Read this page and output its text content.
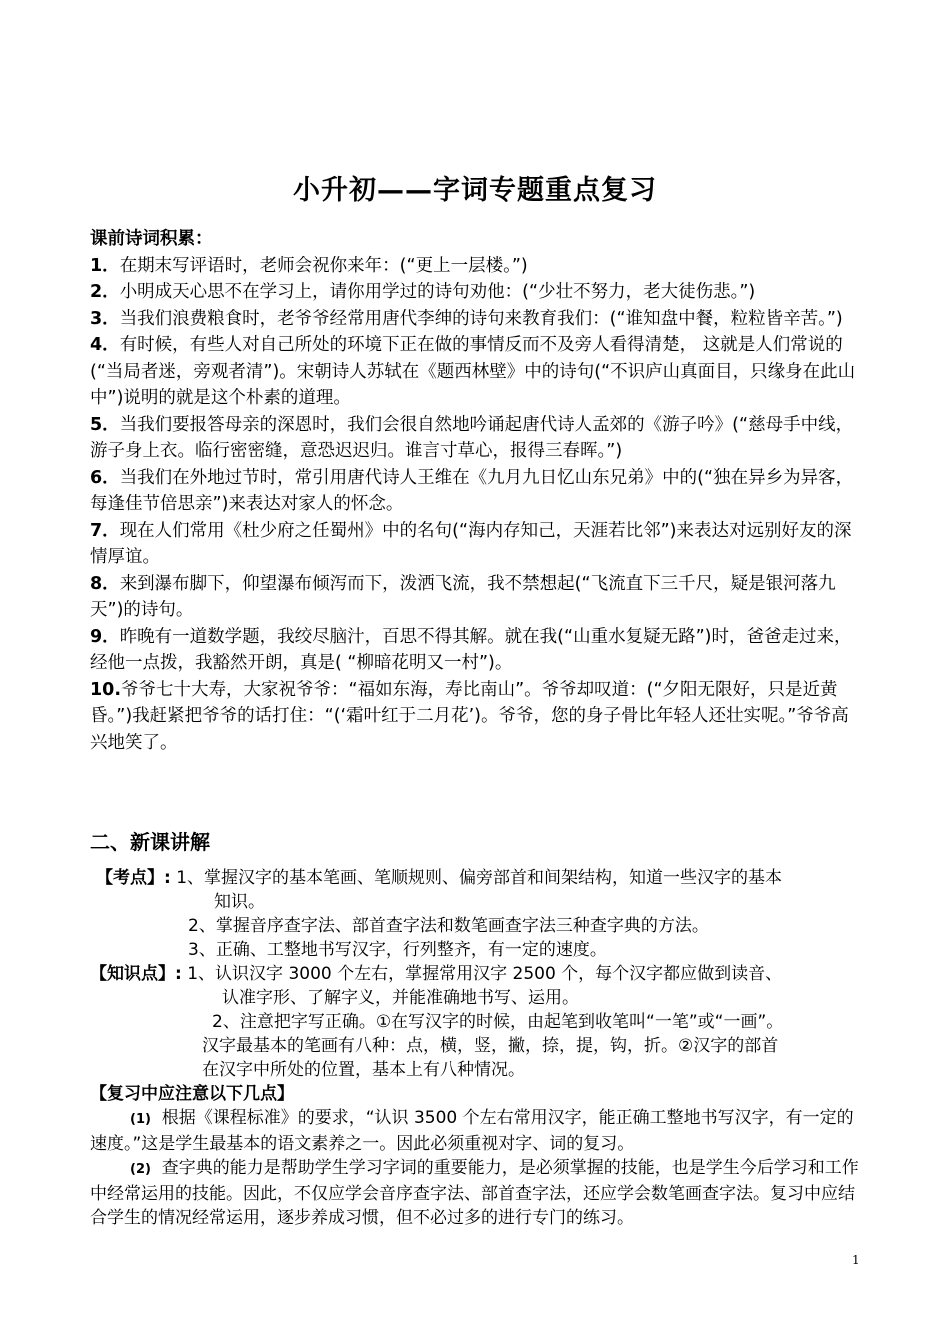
小升初——字词专题重点复习
课前诗词积累：

1．在期末写评语时，老师会祝你来年：(“更上一层楼。”)

2．小明成天心思不在学习上，请你用学过的诗句劝他：(“少壮不努力，老大徒伤悲。”)

3．当我们浪费粮食时，老爷爷经常用唐代李绅的诗句来教育我们：(“谁知盘中餐，粒粒皆辛苦。”)

4．有时候，有些人对自己所处的环境下正在做的事情反而不及旁人看得清楚， 这就是人们常说的(“当局者迷，旁观者清”)。宋朝诗人苏轼在《题西林壁》中的诗句(“不识庐山真面目，只缘身在此山中”)说明的就是这个朴素的道理。

5．当我们要报答母亲的深恩时，我们会很自然地吟诵起唐代诗人孟郊的《游子吟》(“慈母手中线，游子身上衣。临行密密缝，意恐迟迟归。谁言寸草心，报得三春晖。”)

6．当我们在外地过节时，常引用唐代诗人王维在《九月九日忆山东兄弟》中的(“独在异乡为异客，每逢佳节倍思亲”)来表达对家人的怀念。

7．现在人们常用《杜少府之任蜀州》中的名句(“海内存知己，天涯若比邻”)来表达对远别好友的深情厚谊。

8．来到瀑布脚下，仰望瀑布倾泻而下，泼洒飞流，我不禁想起(“飞流直下三千尺，疑是银河落九天”)的诗句。

9．昨晚有一道数学题，我绞尽脑汁，百思不得其解。就在我(“山重水复疑无路”)时，爸爸走过来，经他一点拨，我豁然开朗，真是( “柳暗花明又一村”)。

10.爷爷七十大寿，大家祝爷爷：“福如东海，寿比南山”。爷爷却叹道：(“夕阳无限好，只是近黄昏。”)我赶紧把爷爷的话打住：“(‘霜叶红于二月花’)。爷爷，您的身子骨比年轻人还壮实呢。”爷爷高兴地笑了。

二、新课讲解
【考点】: 1、掌握汉字的基本笔画、笔顺规则、偏旁部首和间架结构，知道一些汉字的基本
知识。
2、掌握音序查字法、部首查字法和数笔画查字法三种查字典的方法。
3、正确、工整地书写汉字，行列整齐，有一定的速度。
【知识点】: 1、认识汉字 3000 个左右，掌握常用汉字 2500 个，每个汉字都应做到读音、
认准字形、了解字义，并能准确地书写、运用。
2、注意把字写正确。①在写汉字的时候，由起笔到收笔叫“一笔”或“一画”。
汉字最基本的笔画有八种：点，横，竖，撇，捺，提，钩，折。②汉字的部首
在汉字中所处的位置，基本上有八种情况。
【复习中应注意以下几点】

(1) 根据《课程标准》的要求，“认识 3500 个左右常用汉字，能正确工整地书写汉字，有一定的速度。”这是学生最基本的语文素养之一。因此必须重视对字、词的复习。

(2) 查字典的能力是帮助学生学习字词的重要能力，是必须掌握的技能，也是学生今后学习和工作中经常运用的技能。因此，不仅应学会音序查字法、部首查字法，还应学会数笔画查字法。复习中应结合学生的情况经常运用，逐步养成习惯，但不必过多的进行专门的练习。

1
